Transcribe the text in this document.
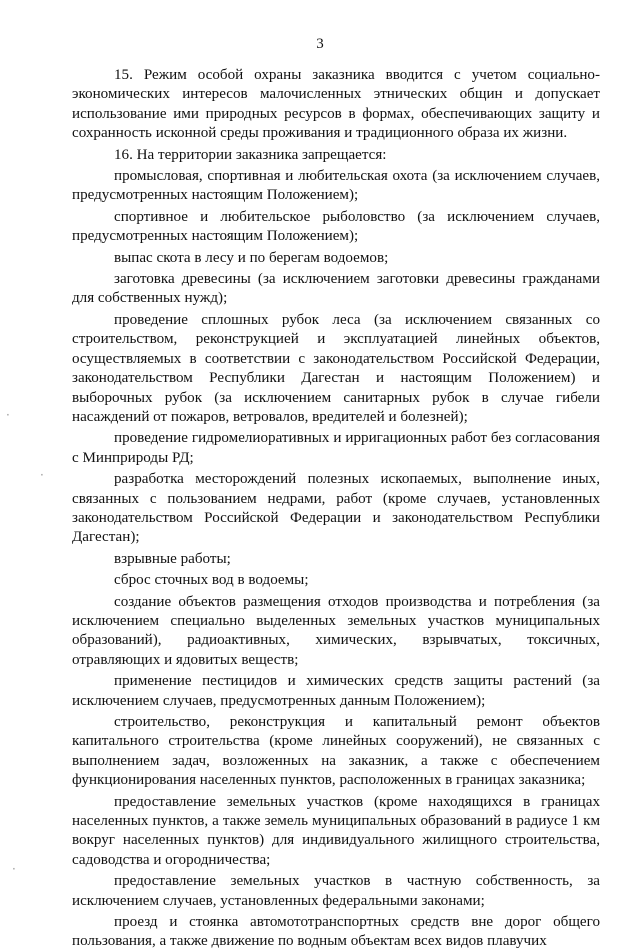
3

15. Режим особой охраны заказника вводится с учетом социально-экономических интересов малочисленных этнических общин и допускает использование ими природных ресурсов в формах, обеспечивающих защиту и сохранность исконной среды проживания и традиционного образа их жизни.

16. На территории заказника запрещается:

промысловая, спортивная и любительская охота (за исключением случаев, предусмотренных настоящим Положением);

спортивное и любительское рыболовство (за исключением случаев, предусмотренных настоящим Положением);

выпас скота в лесу и по берегам водоемов;

заготовка древесины (за исключением заготовки древесины гражданами для собственных нужд);

проведение сплошных рубок леса (за исключением связанных со строительством, реконструкцией и эксплуатацией линейных объектов, осуществляемых в соответствии с законодательством Российской Федерации, законодательством Республики Дагестан и настоящим Положением) и выборочных рубок (за исключением санитарных рубок в случае гибели насаждений от пожаров, ветровалов, вредителей и болезней);

проведение гидромелиоративных и ирригационных работ без согласования с Минприроды РД;

разработка месторождений полезных ископаемых, выполнение иных, связанных с пользованием недрами, работ (кроме случаев, установленных законодательством Российской Федерации и законодательством Республики Дагестан);

взрывные работы;

сброс сточных вод в водоемы;

создание объектов размещения отходов производства и потребления (за исключением специально выделенных земельных участков муниципальных образований), радиоактивных, химических, взрывчатых, токсичных, отравляющих и ядовитых веществ;

применение пестицидов и химических средств защиты растений (за исключением случаев, предусмотренных данным Положением);

строительство, реконструкция и капитальный ремонт объектов капитального строительства (кроме линейных сооружений), не связанных с выполнением задач, возложенных на заказник, а также с обеспечением функционирования населенных пунктов, расположенных в границах заказника;

предоставление земельных участков (кроме находящихся в границах населенных пунктов, а также земель муниципальных образований в радиусе 1 км вокруг населенных пунктов) для индивидуального жилищного строительства, садоводства и огородничества;

предоставление земельных участков в частную собственность, за исключением случаев, установленных федеральными законами;

проезд и стоянка автомототранспортных средств вне дорог общего пользования, а также движение по водным объектам всех видов плавучих

·
·
·
